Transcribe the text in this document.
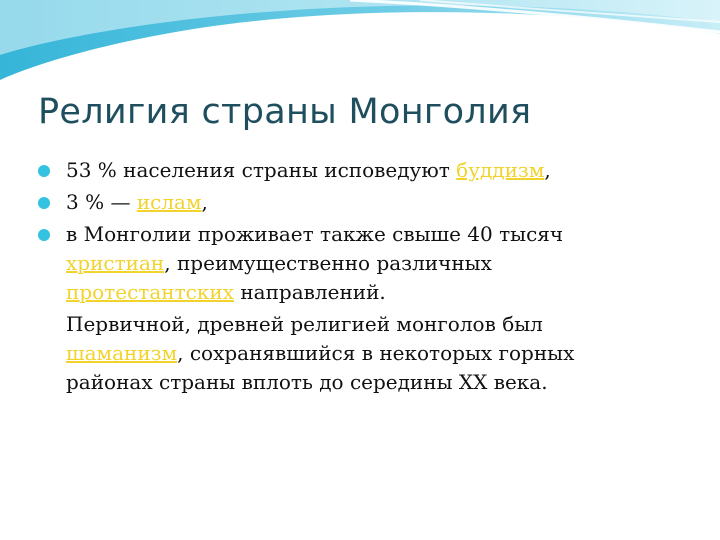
Религия страны Монголия
53 % населения страны исповедуют буддизм,
3 % — ислам,
в Монголии проживает также свыше 40 тысяч христиан, преимущественно различных протестантских направлений.
Первичной, древней религией монголов был шаманизм, сохранявшийся в некоторых горных районах страны вплоть до середины XX века.
